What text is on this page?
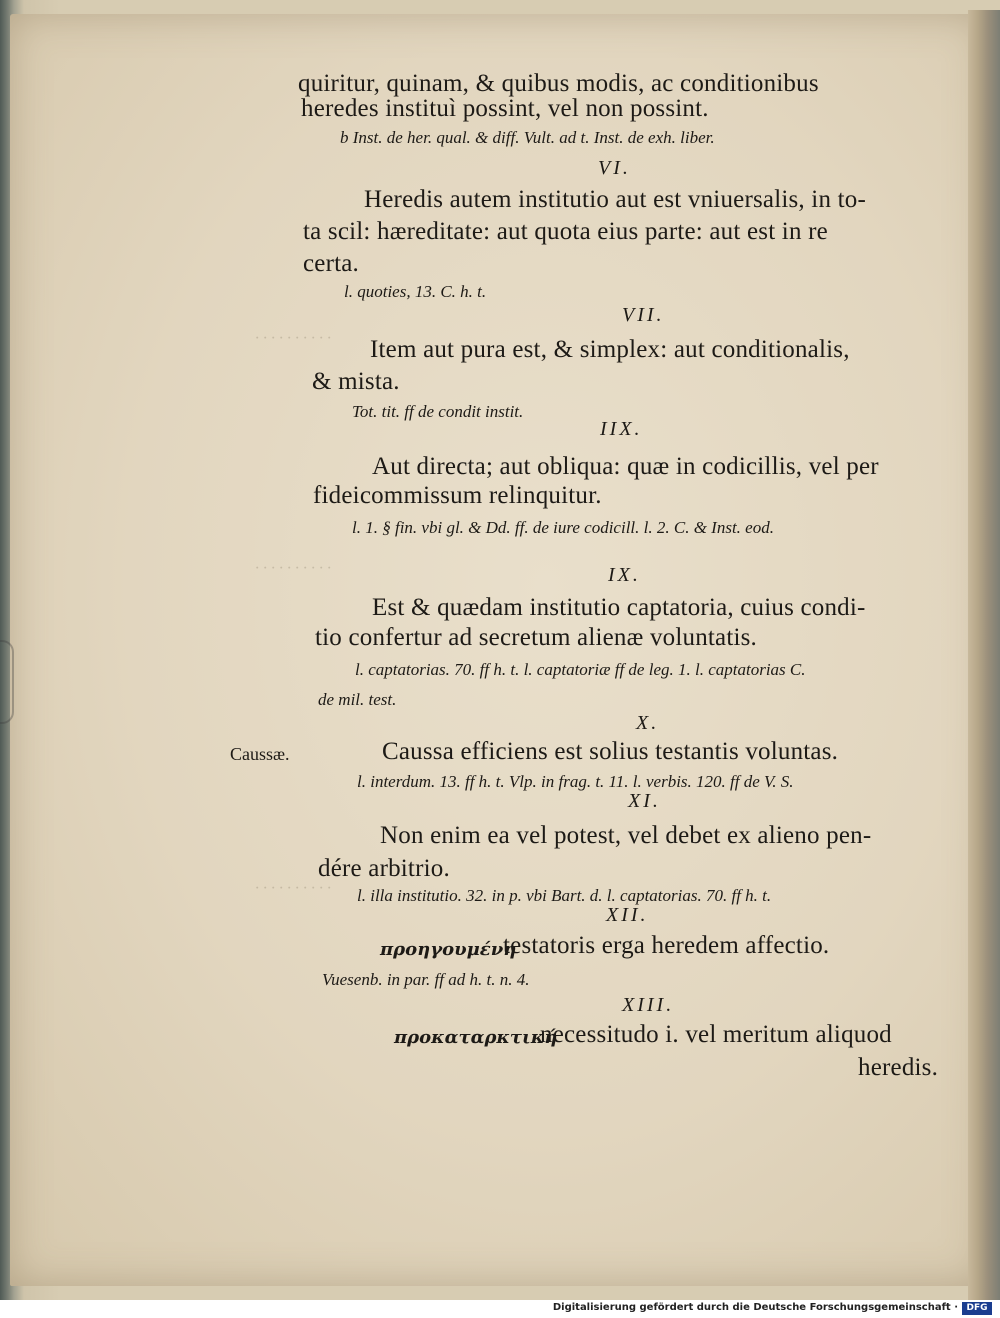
· · · · · · · · · ·
· · · · · · · · · ·
· · · · · · · · · ·
quiritur, quinam, & quibus modis, ac conditionibus
heredes instituì possint, vel non possint.
b Inst. de her. qual. & diff. Vult. ad t. Inst. de exh. liber.
VI.
Heredis autem institutio aut est vniuersalis, in to-
ta scil: hæreditate: aut quota eius parte: aut est in re
certa.
l. quoties, 13. C. h. t.
VII.
Item aut pura est, & simplex: aut conditionalis,
& mista.
Tot. tit. ff de condit instit.
IIX.
Aut directa; aut obliqua: quæ in codicillis, vel per
fideicommissum relinquitur.
l. 1. § fin. vbi gl. & Dd. ff. de iure codicill. l. 2. C. & Inst. eod.
IX.
Est & quædam institutio captatoria, cuius condi-
tio confertur ad secretum alienæ voluntatis.
l. captatorias. 70. ff h. t. l. captatoriæ ff de leg. 1. l. captatorias C.
de mil. test.
X.
Caussæ.	Caussa efficiens est solius testantis voluntas.
l. interdum. 13. ff h. t. Vlp. in frag. t. 11. l. verbis. 120. ff de V. S.
XI.
Non enim ea vel potest, vel debet ex alieno pen-
dére arbitrio.
l. illa institutio. 32. in p. vbi Bart. d. l. captatorias. 70. ff h. t.
XII.
προηγουμένη
testatoris erga heredem affectio.
Vuesenb. in par. ff ad h. t. n. 4.
XIII.
προκαταρκτική
necessitudo i. vel meritum aliquod
heredis.
Digitalisierung gefördert durch die Deutsche Forschungsgemeinschaft · DFG
